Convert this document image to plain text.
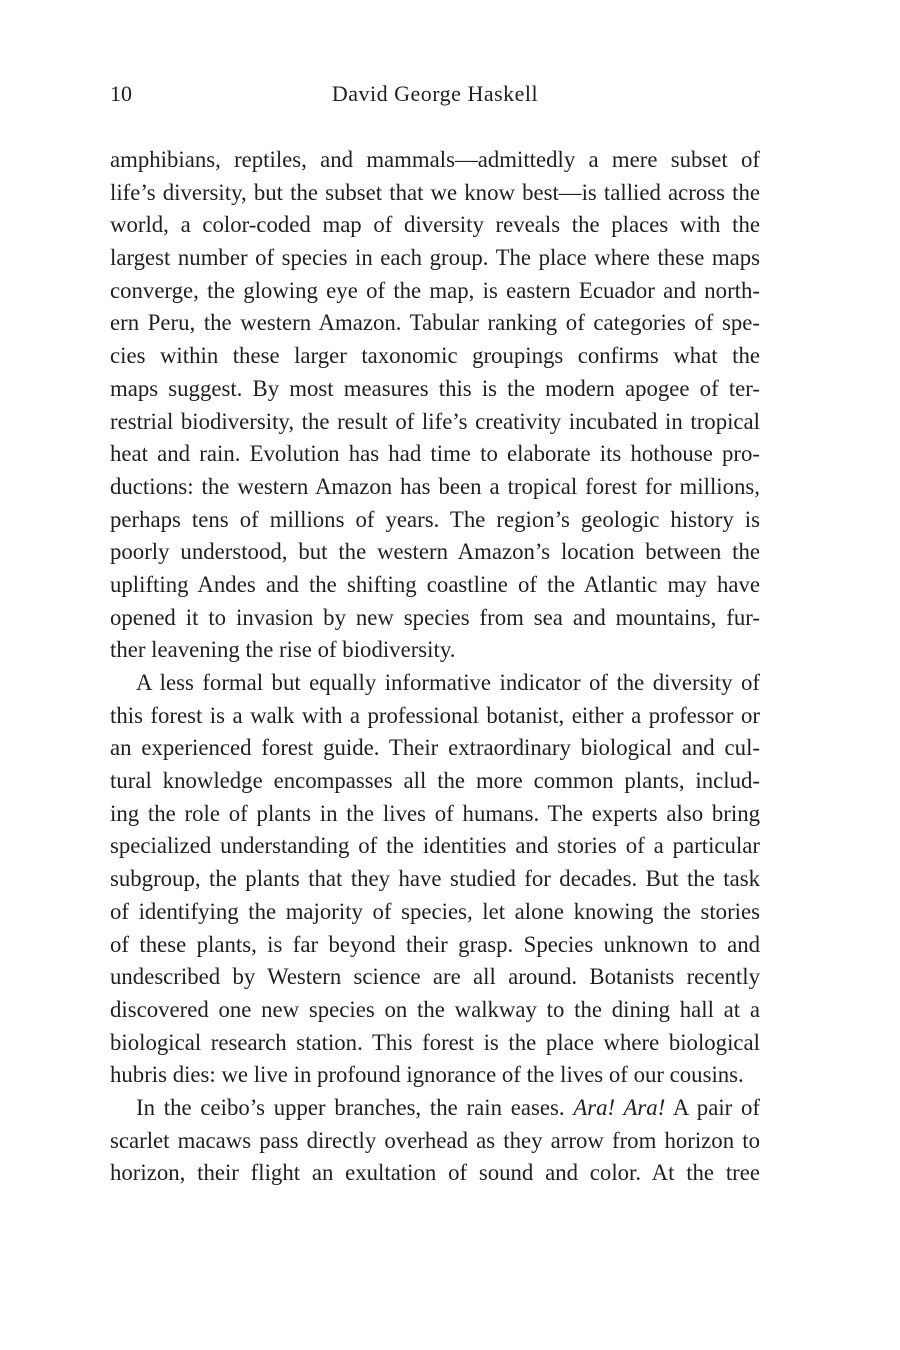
10	David George Haskell
amphibians, reptiles, and mammals—admittedly a mere subset of
life’s diversity, but the subset that we know best—is tallied across the
world, a color-coded map of diversity reveals the places with the
largest number of species in each group. The place where these maps
converge, the glowing eye of the map, is eastern Ecuador and north-
ern Peru, the western Amazon. Tabular ranking of categories of spe-
cies within these larger taxonomic groupings confirms what the
maps suggest. By most measures this is the modern apogee of ter-
restrial biodiversity, the result of life’s creativity incubated in tropical
heat and rain. Evolution has had time to elaborate its hothouse pro-
ductions: the western Amazon has been a tropical forest for millions,
perhaps tens of millions of years. The region’s geologic history is
poorly understood, but the western Amazon’s location between the
uplifting Andes and the shifting coastline of the Atlantic may have
opened it to invasion by new species from sea and mountains, fur-
ther leavening the rise of biodiversity.
A less formal but equally informative indicator of the diversity of
this forest is a walk with a professional botanist, either a professor or
an experienced forest guide. Their extraordinary biological and cul-
tural knowledge encompasses all the more common plants, includ-
ing the role of plants in the lives of humans. The experts also bring
specialized understanding of the identities and stories of a particular
subgroup, the plants that they have studied for decades. But the task
of identifying the majority of species, let alone knowing the stories
of these plants, is far beyond their grasp. Species unknown to and
undescribed by Western science are all around. Botanists recently
discovered one new species on the walkway to the dining hall at a
biological research station. This forest is the place where biological
hubris dies: we live in profound ignorance of the lives of our cousins.
In the ceibo’s upper branches, the rain eases. Ara! Ara! A pair of
scarlet macaws pass directly overhead as they arrow from horizon to
horizon, their flight an exultation of sound and color. At the tree
